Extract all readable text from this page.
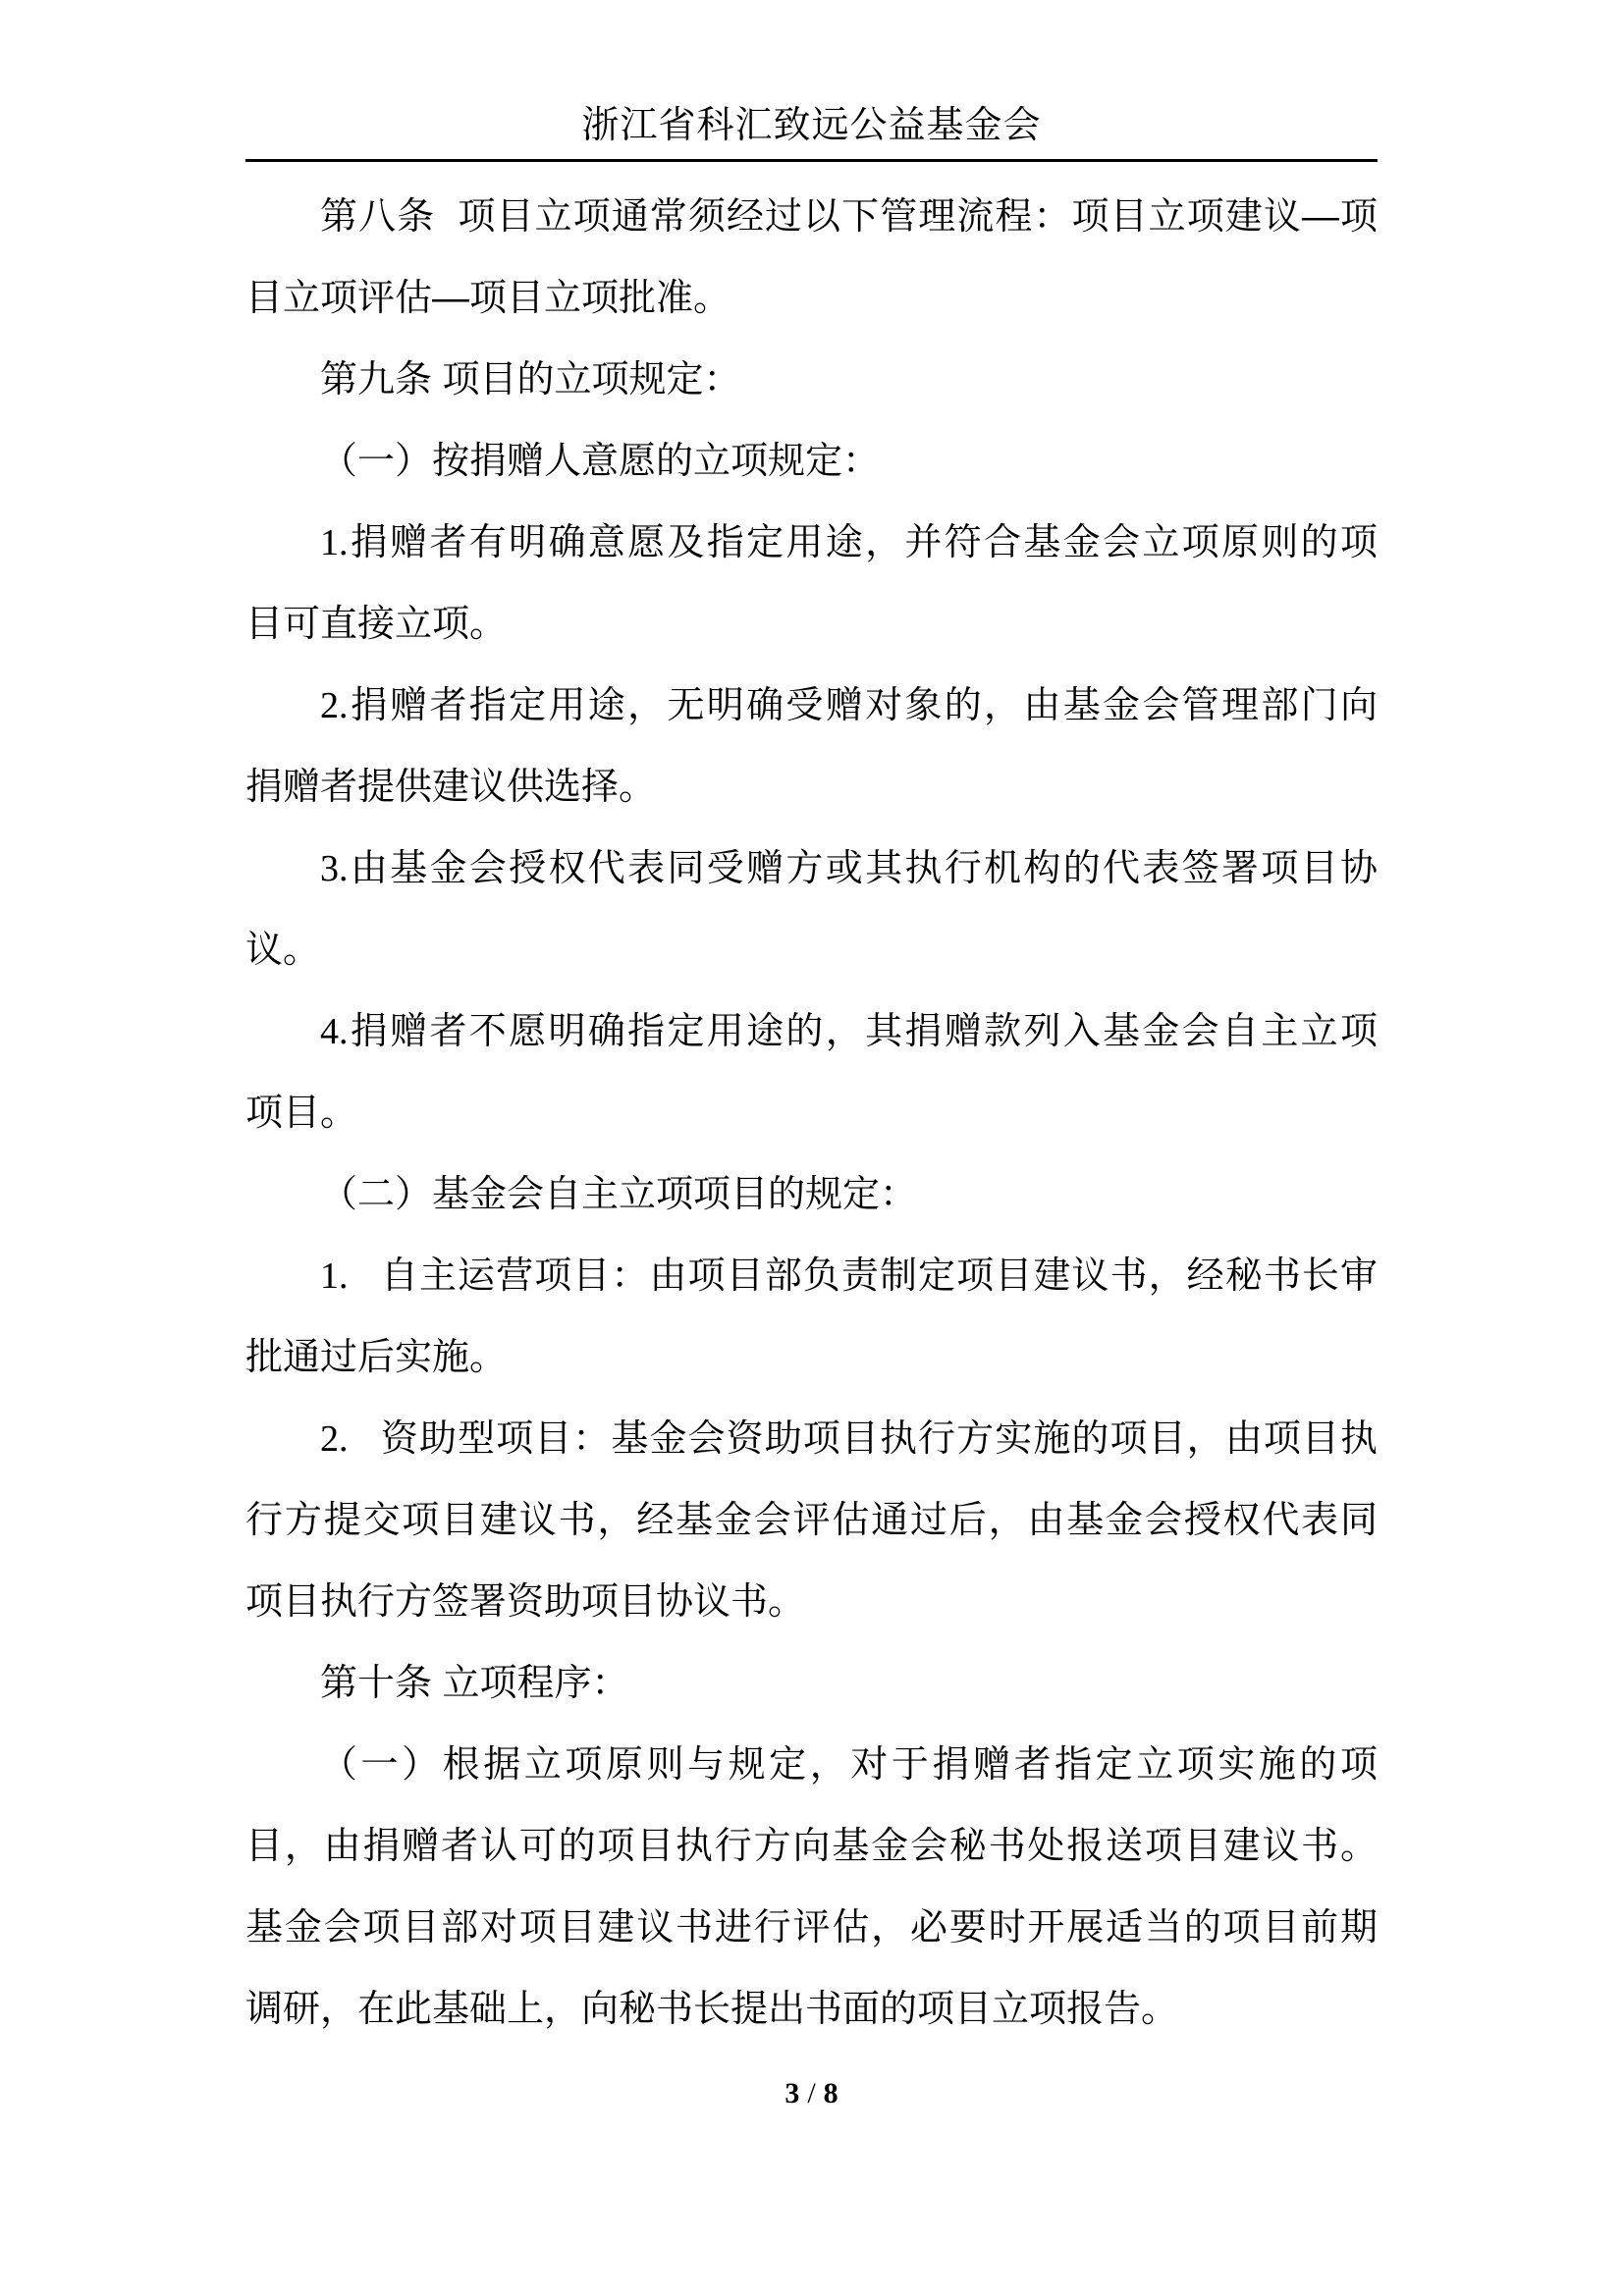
浙江省科汇致远公益基金会
第八条  项目立项通常须经过以下管理流程：项目立项建议—项
目立项评估—项目立项批准。
第九条 项目的立项规定：
（一）按捐赠人意愿的立项规定：
1.捐赠者有明确意愿及指定用途，并符合基金会立项原则的项
目可直接立项。
2.捐赠者指定用途，无明确受赠对象的，由基金会管理部门向
捐赠者提供建议供选择。
3.由基金会授权代表同受赠方或其执行机构的代表签署项目协
议。
4.捐赠者不愿明确指定用途的，其捐赠款列入基金会自主立项
项目。
（二）基金会自主立项项目的规定：
1. 自主运营项目：由项目部负责制定项目建议书，经秘书长审
批通过后实施。
2. 资助型项目：基金会资助项目执行方实施的项目，由项目执
行方提交项目建议书，经基金会评估通过后，由基金会授权代表同
项目执行方签署资助项目协议书。
第十条 立项程序：
（一）根据立项原则与规定，对于捐赠者指定立项实施的项
目，由捐赠者认可的项目执行方向基金会秘书处报送项目建议书。
基金会项目部对项目建议书进行评估，必要时开展适当的项目前期
调研，在此基础上，向秘书长提出书面的项目立项报告。
3 / 8
